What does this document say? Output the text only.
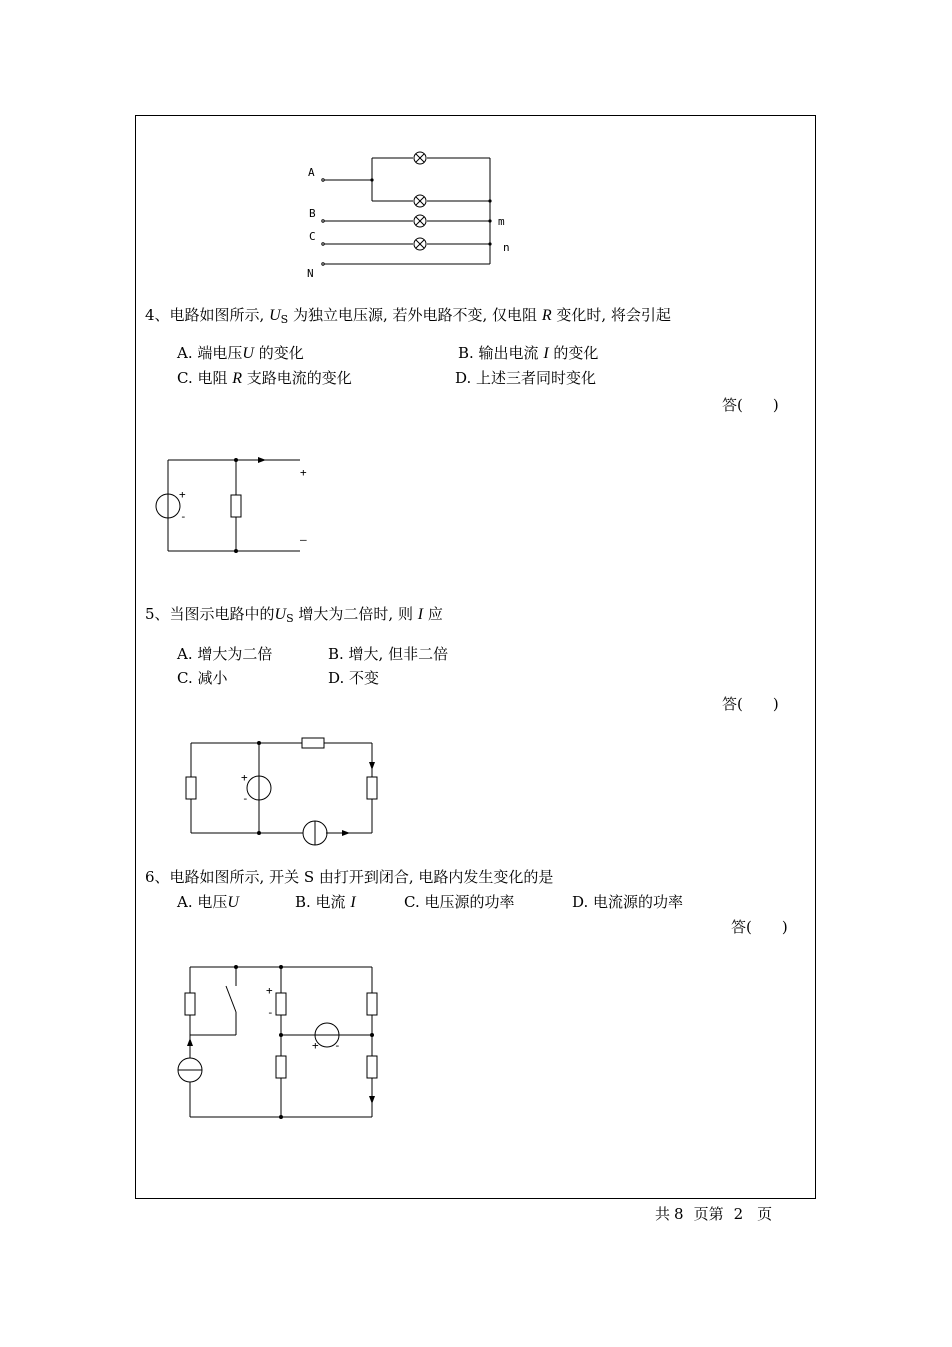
A
B
C
N
m
n
4、电路如图所示, $U_S$ 为独立电压源, 若外电路不变, 仅电阻 R 变化时, 将会引起
A. 端电压U 的变化	B. 输出电流 I 的变化
C. 电阻 R 支路电流的变化	D. 上述三者同时变化
答(　　)
+
-
+
–
5、当图示电路中的$U_S$ 增大为二倍时, 则 I 应
A. 增大为二倍	B. 增大, 但非二倍
C. 减小	D. 不变
答(　　)
+
-
6、电路如图所示, 开关 S 由打开到闭合, 电路内发生变化的是
A. 电压U	B. 电流 I	C. 电压源的功率	D. 电流源的功率
答(　　)
+
-
+ -
共 8 页第 2 页
